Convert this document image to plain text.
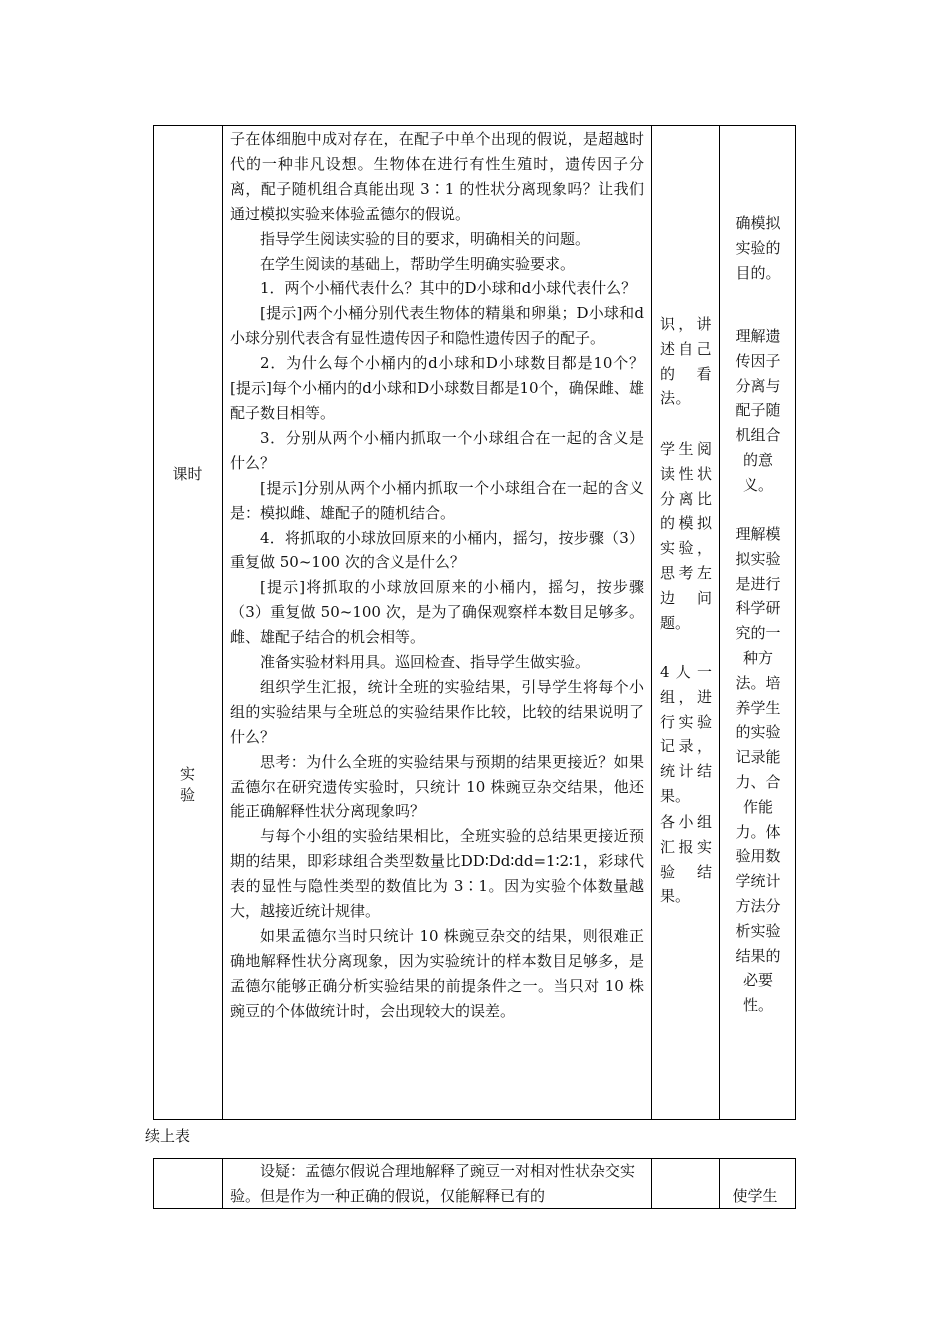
课时
实 验

子在体细胞中成对存在，在配子中单个出现的假说，是超越时代的一种非凡设想。生物体在进行有性生殖时，遗传因子分离，配子随机组合真能出现 3∶1 的性状分离现象吗？让我们通过模拟实验来体验孟德尔的假说。

指导学生阅读实验的目的要求，明确相关的问题。

在学生阅读的基础上，帮助学生明确实验要求。

1．两个小桶代表什么？其中的D小球和d小球代表什么？

[提示]两个小桶分别代表生物体的精巢和卵巢；D小球和d小球分别代表含有显性遗传因子和隐性遗传因子的配子。

2．为什么每个小桶内的d小球和D小球数目都是10个？[提示]每个小桶内的d小球和D小球数目都是10个，确保雌、雄配子数目相等。

3．分别从两个小桶内抓取一个小球组合在一起的含义是什么？

[提示]分别从两个小桶内抓取一个小球组合在一起的含义是：模拟雌、雄配子的随机结合。

4．将抓取的小球放回原来的小桶内，摇匀，按步骤（3）重复做 50~100 次的含义是什么？

[提示]将抓取的小球放回原来的小桶内，摇匀，按步骤（3）重复做 50~100 次，是为了确保观察样本数目足够多。雌、雄配子结合的机会相等。

准备实验材料用具。巡回检查、指导学生做实验。

组织学生汇报，统计全班的实验结果，引导学生将每个小组的实验结果与全班总的实验结果作比较，比较的结果说明了什么？

思考：为什么全班的实验结果与预期的结果更接近？如果孟德尔在研究遗传实验时，只统计 10 株豌豆杂交结果，他还能正确解释性状分离现象吗？

与每个小组的实验结果相比，全班实验的总结果更接近预期的结果，即彩球组合类型数量比DD∶Dd∶dd=1∶2∶1，彩球代表的显性与隐性类型的数值比为 3∶1。因为实验个体数量越大，越接近统计规律。

如果孟德尔当时只统计 10 株豌豆杂交的结果，则很难正确地解释性状分离现象，因为实验统计的样本数目足够多，是孟德尔能够正确分析实验结果的前提条件之一。当只对 10 株豌豆的个体做统计时，会出现较大的误差。

识，讲述自己的看法。
学生阅读性状分离比的模拟实验，思考左边问题。
4人一组，进行实验记录，统计结果。
各小组汇报实验结果。
确模拟实验的目的。
理解遗传因子分离与配子随机组合的意义。
理解模拟实验是进行科学研究的一种方法。培养学生的实验记录能力、合作能力。体验用数学统计方法分析实验结果的必要性。
续上表

设疑：孟德尔假说合理地解释了豌豆一对相对性状杂交实验。但是作为一种正确的假说，仅能解释已有的	使学生
